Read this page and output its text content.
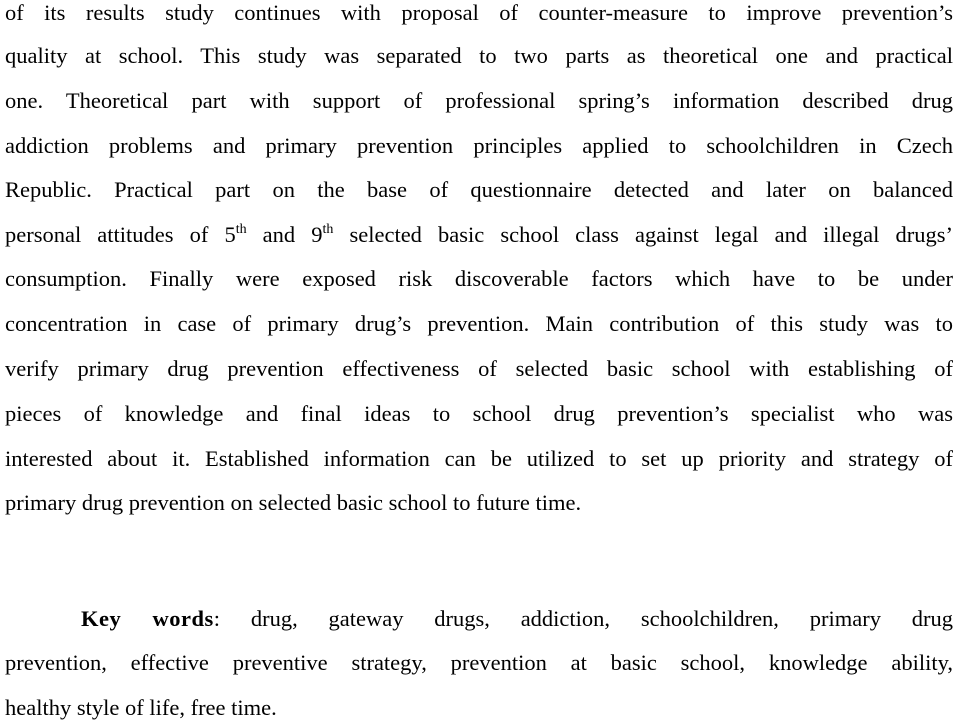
of its results study continues with proposal of counter-measure to improve prevention’s
quality at school. This study was separated to two parts as theoretical one and practical
one. Theoretical part with support of professional spring’s information described drug
addiction problems and primary prevention principles applied to schoolchildren in Czech
Republic. Practical part on the base of questionnaire detected and later on balanced
personal attitudes of 5th and 9th selected basic school class against legal and illegal drugs’
consumption. Finally were exposed risk discoverable factors which have to be under
concentration in case of primary drug’s prevention. Main contribution of this study was to
verify primary drug prevention effectiveness of selected basic school with establishing of
pieces of knowledge and final ideas to school drug prevention’s specialist who was
interested about it. Established information can be utilized to set up priority and strategy of
primary drug prevention on selected basic school to future time.
Key words: drug, gateway drugs, addiction, schoolchildren, primary drug
prevention, effective preventive strategy, prevention at basic school, knowledge ability,
healthy style of life, free time.
